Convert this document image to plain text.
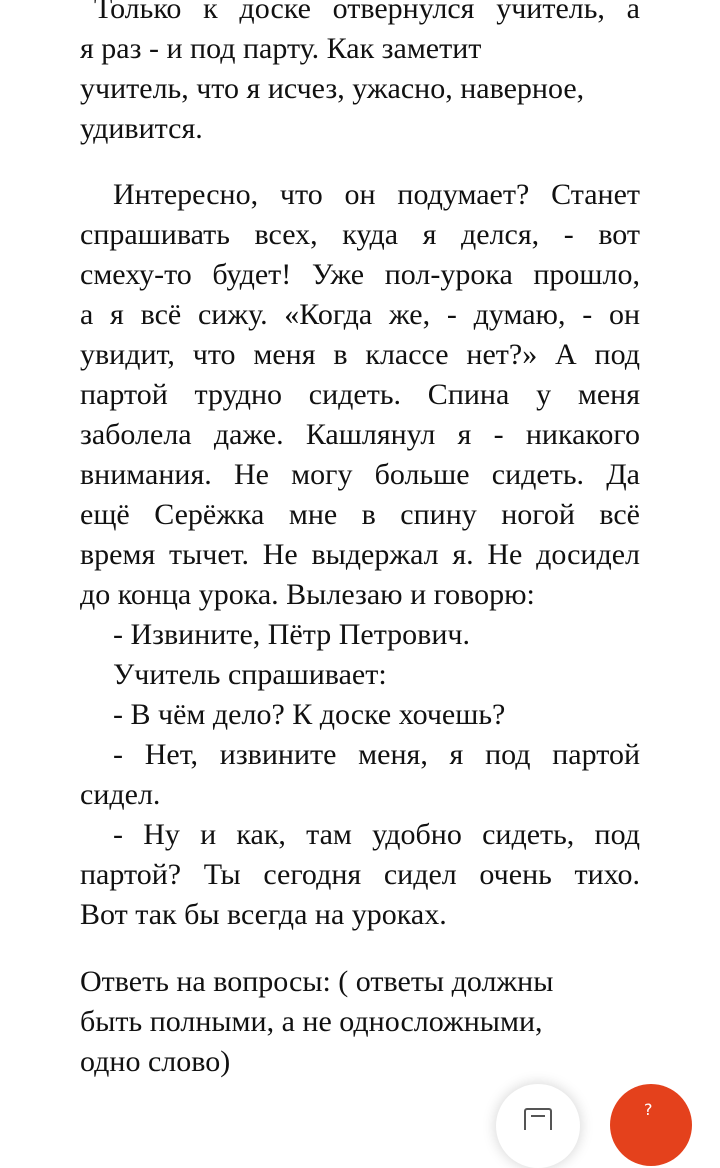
Только к доске отвернулся учитель, а
я раз - и под парту. Как заметит
учитель, что я исчез, ужасно, наверное,
удивится.
Интересно, что он подумает? Станет
спрашивать всех, куда я делся, - вот
смеху-то будет! Уже пол-урока прошло,
а я всё сижу. «Когда же, - думаю, - он
увидит, что меня в классе нет?» А под
партой трудно сидеть. Спина у меня
заболела даже. Кашлянул я - никакого
внимания. Не могу больше сидеть. Да
ещё Серёжка мне в спину ногой всё
время тычет. Не выдержал я. Не досидел
до конца урока. Вылезаю и говорю:
- Извините, Пётр Петрович.
Учитель спрашивает:
- В чём дело? К доске хочешь?
- Нет, извините меня, я под партой
сидел.
- Ну и как, там удобно сидеть, под
партой? Ты сегодня сидел очень тихо.
Вот так бы всегда на уроках.
Ответь на вопросы: ( ответы должны
быть полными, а не односложными,
одно слово)
?
